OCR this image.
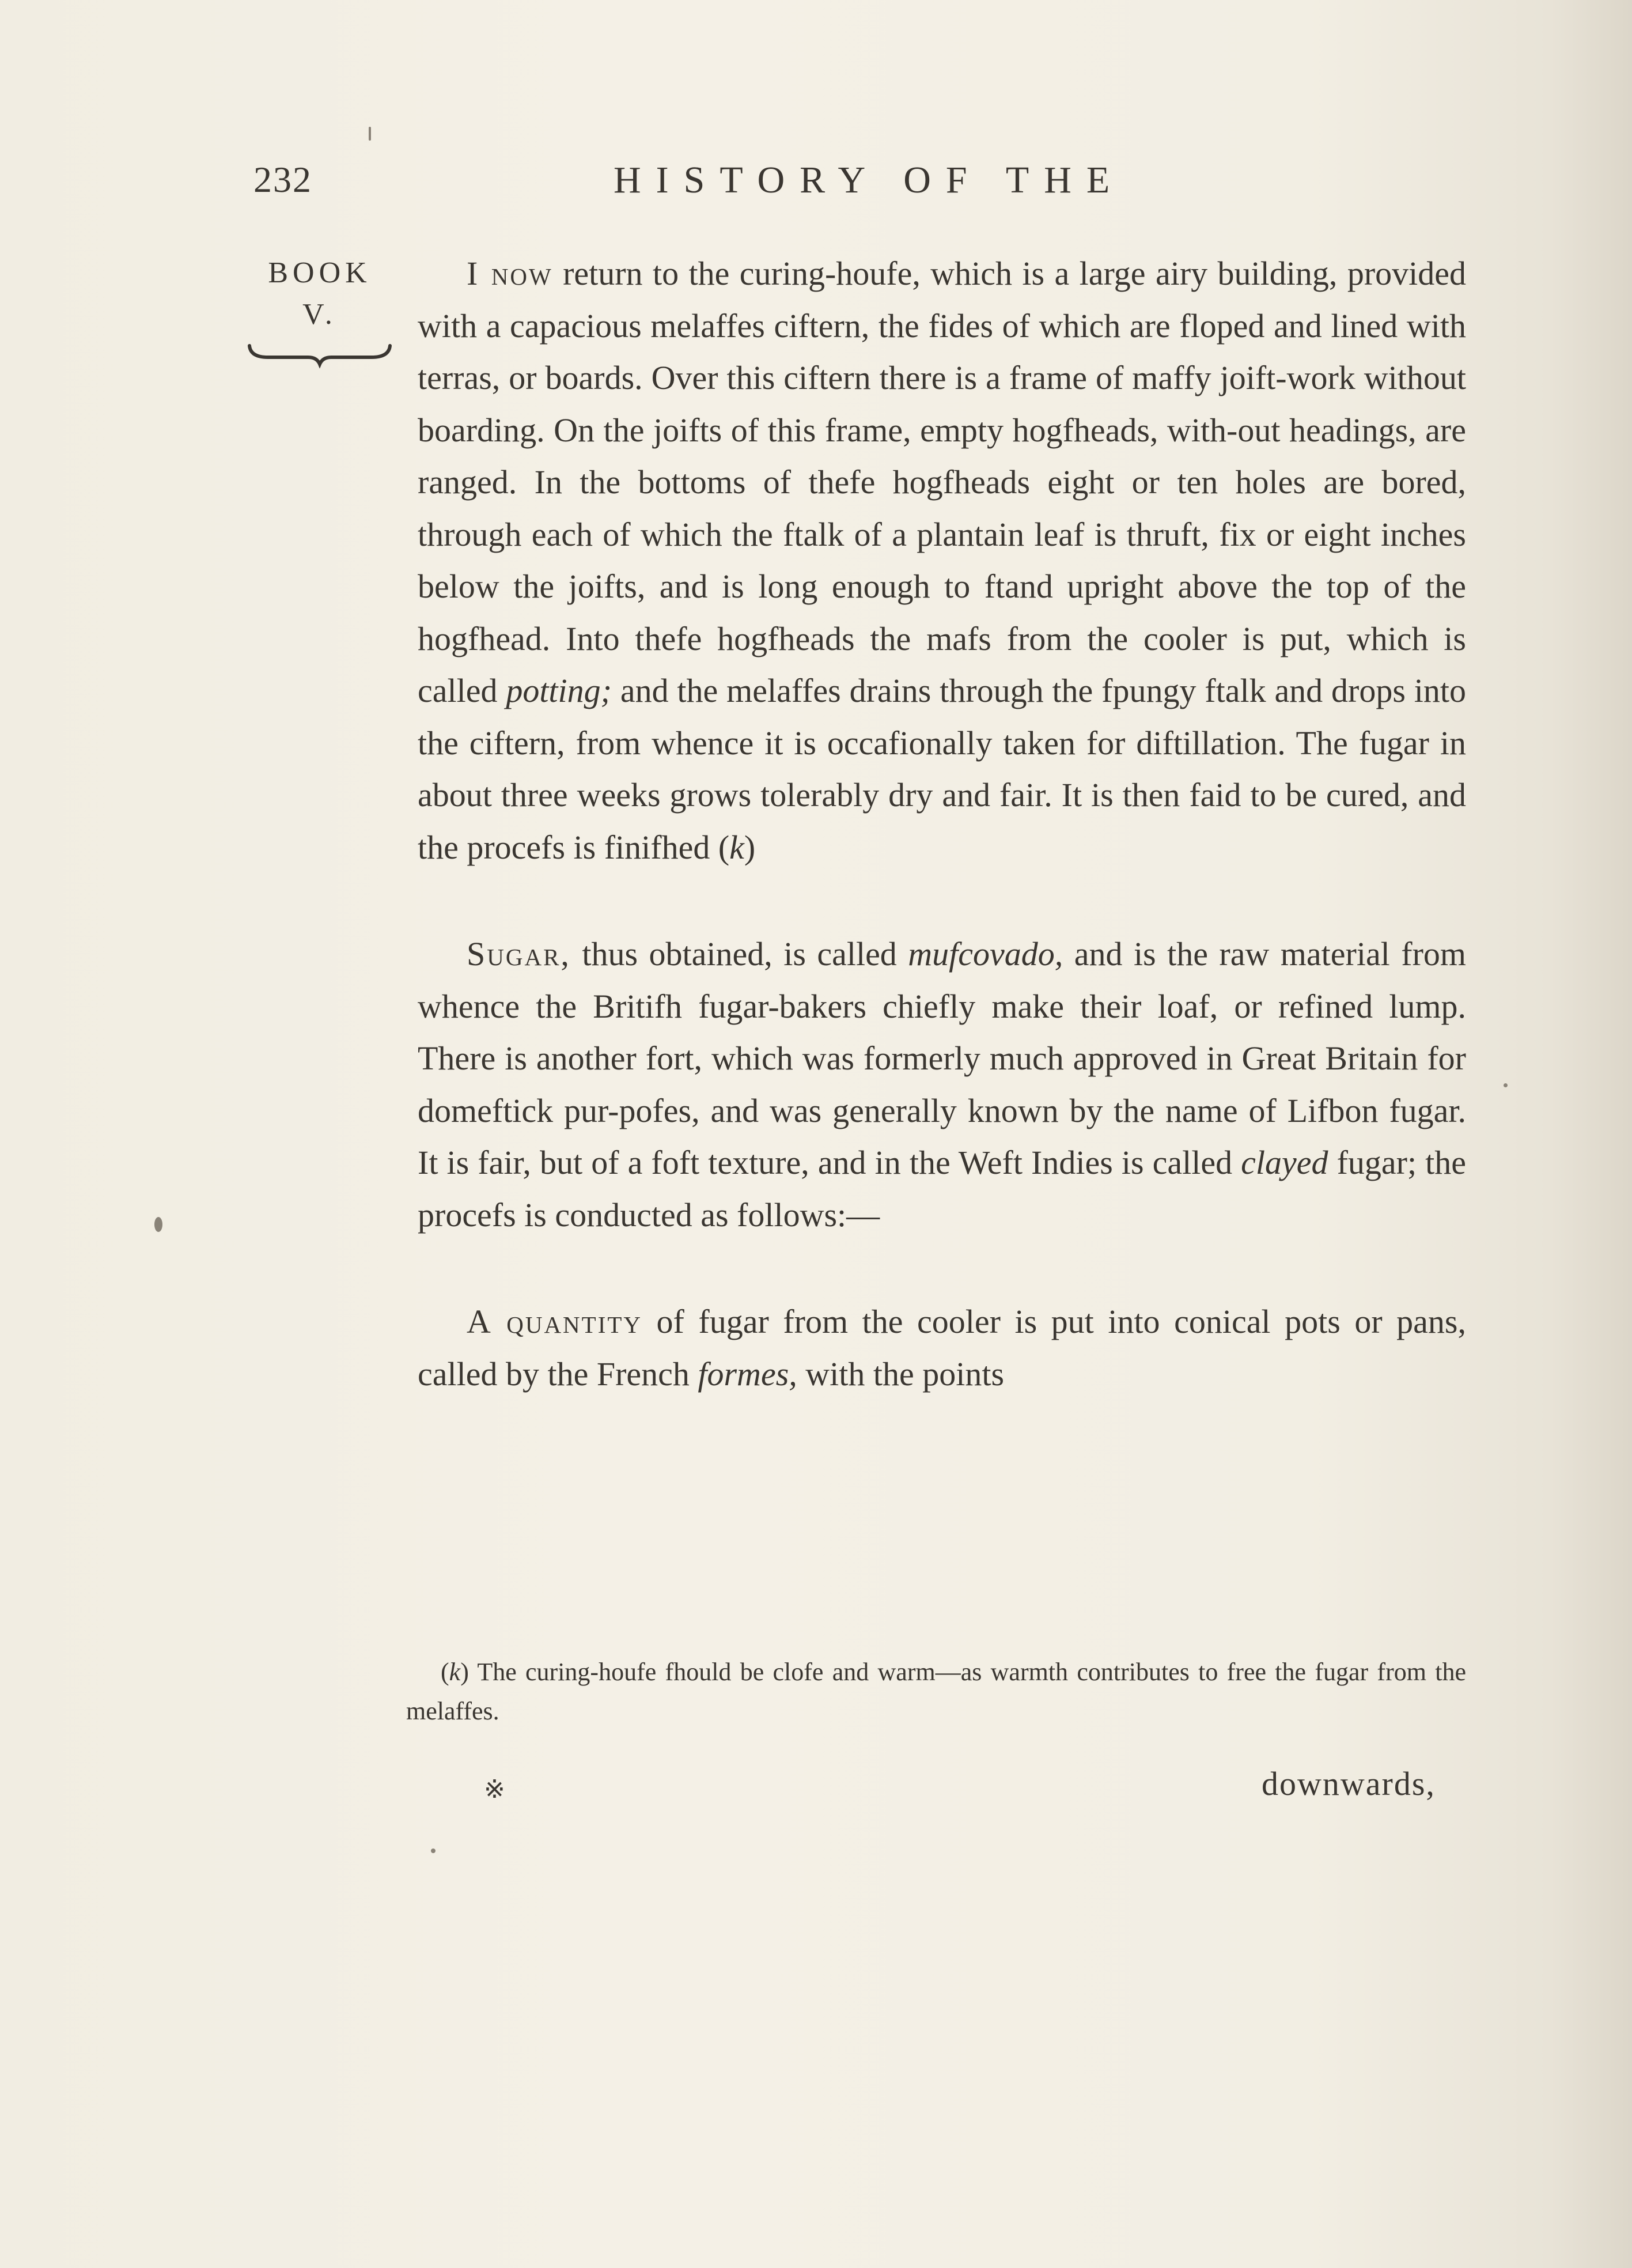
232	HISTORY OF THE
BOOK
V.

I now return to the curing-houfe, which is a large airy building, provided with a capacious melaffes ciftern, the fides of which are floped and lined with terras, or boards. Over this ciftern there is a frame of maffy joift-work without boarding. On the joifts of this frame, empty hogfheads, with-out headings, are ranged. In the bottoms of thefe hogfheads eight or ten holes are bored, through each of which the ftalk of a plantain leaf is thruft, fix or eight inches below the joifts, and is long enough to ftand upright above the top of the hogfhead. Into thefe hogfheads the mafs from the cooler is put, which is called potting; and the melaffes drains through the fpungy ftalk and drops into the ciftern, from whence it is occafionally taken for diftillation. The fugar in about three weeks grows tolerably dry and fair. It is then faid to be cured, and the procefs is finifhed (k)

Sugar, thus obtained, is called mufcovado, and is the raw material from whence the Britifh fugar-bakers chiefly make their loaf, or refined lump. There is another fort, which was formerly much approved in Great Britain for domeftick pur-pofes, and was generally known by the name of Lifbon fugar. It is fair, but of a foft texture, and in the Weft Indies is called clayed fugar; the procefs is conducted as follows:—

A quantity of fugar from the cooler is put into conical pots or pans, called by the French formes, with the points

(k) The curing-houfe fhould be clofe and warm—as warmth contributes to free the fugar from the melaffes.
※	downwards,
